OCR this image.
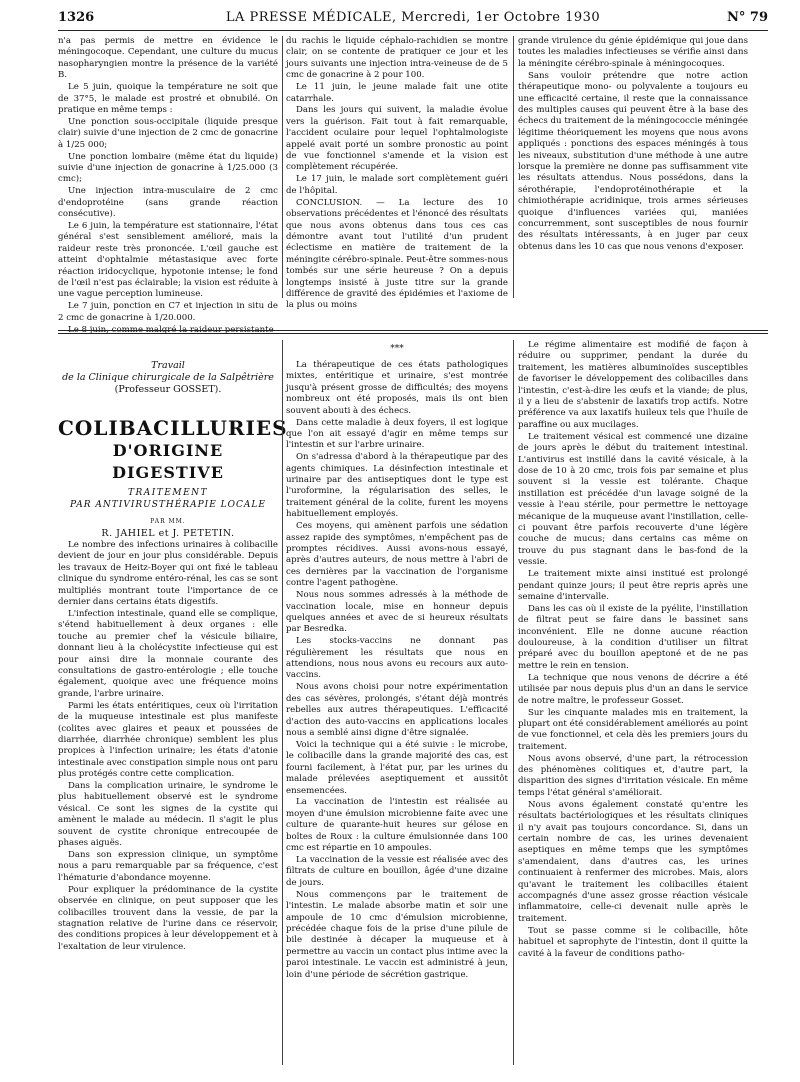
1326	LA PRESSE MÉDICALE, Mercredi, 1er Octobre 1930	N° 79

n'a pas permis de mettre en évidence le méningocoque. Cependant, une culture du mucus nasopharyngien montre la présence de la variété B.

Le 5 juin, quoique la température ne soit que de 37°5, le malade est prostré et obnubilé. On pratique en même temps :

Une ponction sous-occipitale (liquide presque clair) suivie d'une injection de 2 cmc de gonacrine à 1/25 000;

Une ponction lombaire (même état du liquide) suivie d'une injection de gonacrine à 1/25.000 (3 cmc);

Une injection intra-musculaire de 2 cmc d'endoprotéine (sans grande réaction consécutive).

Le 6 juin, la température est stationnaire, l'état général s'est sensiblement amélioré, mais la raideur reste très prononcée. L'œil gauche est atteint d'ophtalmie métastasique avec forte réaction iridocyclique, hypotonie intense; le fond de l'œil n'est pas éclairable; la vision est réduite à une vague perception lumineuse.

Le 7 juin, ponction en C7 et injection in situ de 2 cmc de gonacrine à 1/20.000.

Le 8 juin, comme malgré la raideur persistante

du rachis le liquide céphalo-rachidien se montre clair, on se contente de pratiquer ce jour et les jours suivants une injection intra-veineuse de de 5 cmc de gonacrine à 2 pour 100.

Le 11 juin, le jeune malade fait une otite catarrhale.

Dans les jours qui suivent, la maladie évolue vers la guérison. Fait tout à fait remarquable, l'accident oculaire pour lequel l'ophtalmologiste appelé avait porté un sombre pronostic au point de vue fonctionnel s'amende et la vision est complètement récupérée.

Le 17 juin, le malade sort complètement guéri de l'hôpital.

CONCLUSION. — La lecture des 10 observations précédentes et l'énoncé des résultats que nous avons obtenus dans tous ces cas démontre avant tout l'utilité d'un prudent éclectisme en matière de traitement de la méningite cérébro-spinale. Peut-être sommes-nous tombés sur une série heureuse ? On a depuis longtemps insisté à juste titre sur la grande différence de gravité des épidémies et l'axiome de la plus ou moins

grande virulence du génie épidémique qui joue dans toutes les maladies infectieuses se vérifie ainsi dans la méningite cérébro-spinale à méningocoques.

Sans vouloir prétendre que notre action thérapeutique mono- ou polyvalente a toujours eu une efficacité certaine, il reste que la connaissance des multiples causes qui peuvent être à la base des échecs du traitement de la méningococcie méningée légitime théoriquement les moyens que nous avons appliqués : ponctions des espaces méningés à tous les niveaux, substitution d'une méthode à une autre lorsque la première ne donne pas suffisamment vite les résultats attendus. Nous possédons, dans la sérothérapie, l'endoprotéinothérapie et la chimiothérapie acridinique, trois armes sérieuses quoique d'influences variées qui, maniées concurremment, sont susceptibles de nous fournir des résultats intéressants, à en juger par ceux obtenus dans les 10 cas que nous venons d'exposer.

Travail
de la Clinique chirurgicale de la Salpêtrière
(Professeur GOSSET).
COLIBACILLURIES
D'ORIGINE DIGESTIVE
TRAITEMENT
PAR ANTIVIRUSTHÉRAPIE LOCALE
PAR MM.
R. JAHIEL et J. PETETIN.

Le nombre des infections urinaires à colibacille devient de jour en jour plus considérable. Depuis les travaux de Heitz-Boyer qui ont fixé le tableau clinique du syndrome entéro-rénal, les cas se sont multipliés montrant toute l'importance de ce dernier dans certains états digestifs.

L'infection intestinale, quand elle se complique, s'étend habituellement à deux organes : elle touche au premier chef la vésicule biliaire, donnant lieu à la cholécystite infectieuse qui est pour ainsi dire la monnaie courante des consultations de gastro-entérologie ; elle touche également, quoique avec une fréquence moins grande, l'arbre urinaire.

Parmi les états entéritiques, ceux où l'irritation de la muqueuse intestinale est plus manifeste (colites avec glaires et peaux et poussées de diarrhée, diarrhée chronique) semblent les plus propices à l'infection urinaire; les états d'atonie intestinale avec constipation simple nous ont paru plus protégés contre cette complication.

Dans la complication urinaire, le syndrome le plus habituellement observé est le syndrome vésical. Ce sont les signes de la cystite qui amènent le malade au médecin. Il s'agit le plus souvent de cystite chronique entrecoupée de phases aiguës.

Dans son expression clinique, un symptôme nous a paru remarquable par sa fréquence, c'est l'hématurie d'abondance moyenne.

Pour expliquer la prédominance de la cystite observée en clinique, on peut supposer que les colibacilles trouvent dans la vessie, de par la stagnation relative de l'urine dans ce réservoir, des conditions propices à leur développement et à l'exaltation de leur virulence.

***

La thérapeutique de ces états pathologiques mixtes, entéritique et urinaire, s'est montrée jusqu'à présent grosse de difficultés; des moyens nombreux ont été proposés, mais ils ont bien souvent abouti à des échecs.

Dans cette maladie à deux foyers, il est logique que l'on ait essayé d'agir en même temps sur l'intestin et sur l'arbre urinaire.

On s'adressa d'abord à la thérapeutique par des agents chimiques. La désinfection intestinale et urinaire par des antiseptiques dont le type est l'uroformine, la régularisation des selles, le traitement général de la colite, furent les moyens habituellement employés.

Ces moyens, qui amènent parfois une sédation assez rapide des symptômes, n'empêchent pas de promptes récidives. Aussi avons-nous essayé, après d'autres auteurs, de nous mettre à l'abri de ces dernières par la vaccination de l'organisme contre l'agent pathogène.

Nous nous sommes adressés à la méthode de vaccination locale, mise en honneur depuis quelques années et avec de si heureux résultats par Besredka.

Les stocks-vaccins ne donnant pas régulièrement les résultats que nous en attendions, nous nous avons eu recours aux auto-vaccins.

Nous avons choisi pour notre expérimentation des cas sévères, prolongés, s'étant déjà montrés rebelles aux autres thérapeutiques. L'efficacité d'action des auto-vaccins en applications locales nous a semblé ainsi digne d'être signalée.

Voici la technique qui a été suivie : le microbe, le colibacille dans la grande majorité des cas, est fourni facilement, à l'état pur, par les urines du malade prélevées aseptiquement et aussitôt ensemencées.

La vaccination de l'intestin est réalisée au moyen d'une émulsion microbienne faite avec une culture de quarante-huit heures sur gélose en boîtes de Roux : la culture émulsionnée dans 100 cmc est répartie en 10 ampoules.

La vaccination de la vessie est réalisée avec des filtrats de culture en bouillon, âgée d'une dizaine de jours.

Nous commençons par le traitement de l'intestin. Le malade absorbe matin et soir une ampoule de 10 cmc d'émulsion microbienne, précédée chaque fois de la prise d'une pilule de bile destinée à décaper la muqueuse et à permettre au vaccin un contact plus intime avec la paroi intestinale. Le vaccin est administré à jeun, loin d'une période de sécrétion gastrique.

Le régime alimentaire est modifié de façon à réduire ou supprimer, pendant la durée du traitement, les matières albuminoïdes susceptibles de favoriser le développement des colibacilles dans l'intestin, c'est-à-dire les œufs et la viande; de plus, il y a lieu de s'abstenir de laxatifs trop actifs. Notre préférence va aux laxatifs huileux tels que l'huile de paraffine ou aux mucilages.

Le traitement vésical est commencé une dizaine de jours après le début du traitement intestinal. L'antivirus est instillé dans la cavité vésicale, à la dose de 10 à 20 cmc, trois fois par semaine et plus souvent si la vessie est tolérante. Chaque instillation est précédée d'un lavage soigné de la vessie à l'eau stérile, pour permettre le nettoyage mécanique de la muqueuse avant l'instillation, celle-ci pouvant être parfois recouverte d'une légère couche de mucus; dans certains cas même on trouve du pus stagnant dans le bas-fond de la vessie.

Le traitement mixte ainsi institué est prolongé pendant quinze jours; il peut être repris après une semaine d'intervalle.

Dans les cas où il existe de la pyélite, l'instillation de filtrat peut se faire dans le bassinet sans inconvénient. Elle ne donne aucune réaction douloureuse, à la condition d'utiliser un filtrat préparé avec du bouillon apeptoné et de ne pas mettre le rein en tension.

La technique que nous venons de décrire a été utilisée par nous depuis plus d'un an dans le service de notre maître, le professeur Gosset.

Sur les cinquante malades mis en traitement, la plupart ont été considérablement améliorés au point de vue fonctionnel, et cela dès les premiers jours du traitement.

Nous avons observé, d'une part, la rétrocession des phénomènes colitiques et, d'autre part, la disparition des signes d'irritation vésicale. En même temps l'état général s'améliorait.

Nous avons également constaté qu'entre les résultats bactériologiques et les résultats cliniques il n'y avait pas toujours concordance. Si, dans un certain nombre de cas, les urines devenaient aseptiques en même temps que les symptômes s'amendaient, dans d'autres cas, les urines continuaient à renfermer des microbes. Mais, alors qu'avant le traitement les colibacilles étaient accompagnés d'une assez grosse réaction vésicale inflammatoire, celle-ci devenait nulle après le traitement.

Tout se passe comme si le colibacille, hôte habituel et saprophyte de l'intestin, dont il quitte la cavité à la faveur de conditions patho-
